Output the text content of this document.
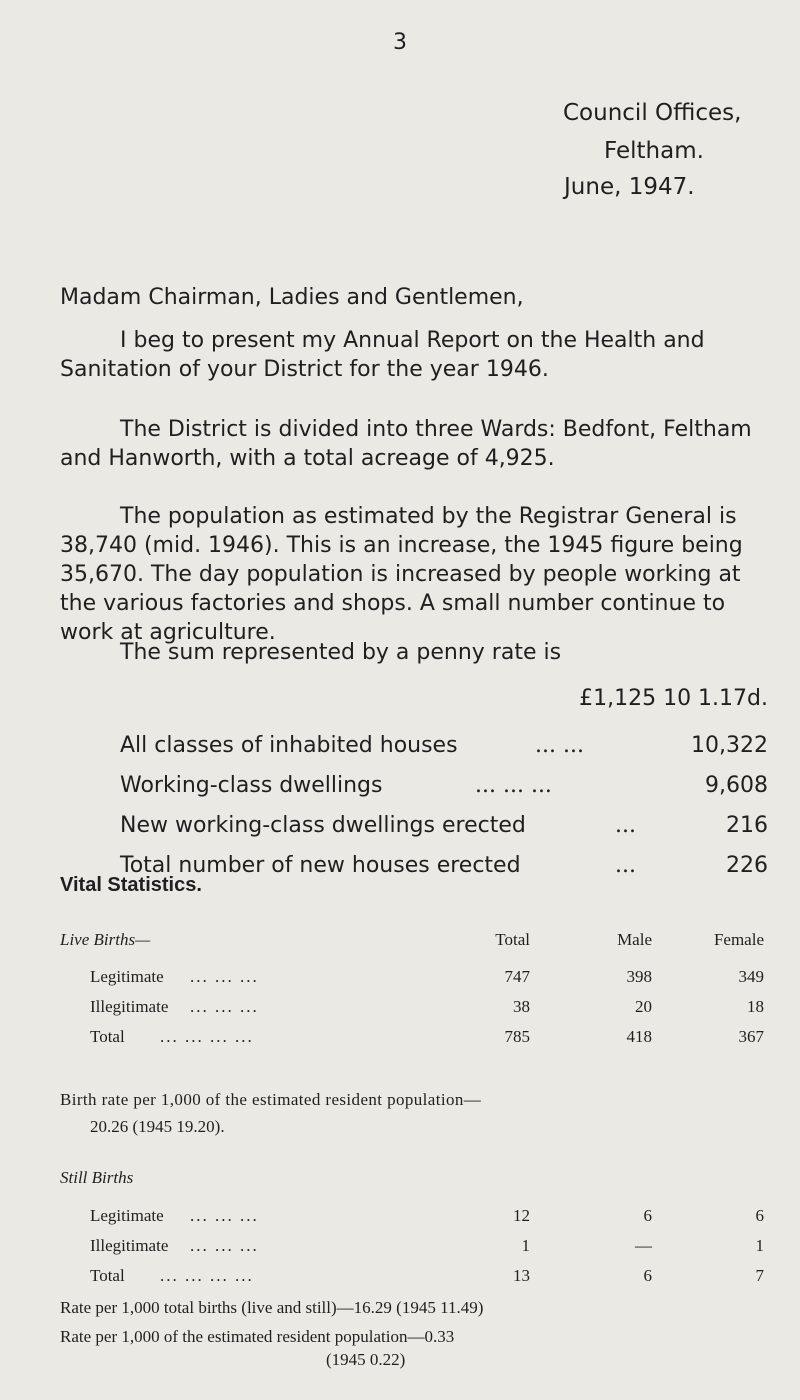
3
Council Offices,
Feltham.
June, 1947.
Madam Chairman, Ladies and Gentlemen,
I beg to present my Annual Report on the Health and Sanitation of your District for the year 1946.
The District is divided into three Wards: Bedfont, Feltham and Hanworth, with a total acreage of 4,925.
The population as estimated by the Registrar General is 38,740 (mid. 1946). This is an increase, the 1945 figure being 35,670. The day population is increased by people working at the various factories and shops. A small number continue to work at agriculture.
The sum represented by a penny rate is
£1,125 10 1.17d.
All classes of inhabited houses	... ...	10,322
Working-class dwellings	... ... ...	9,608
New working-class dwellings erected	...	216
Total number of new houses erected	...	226
Vital Statistics.
Live Births—	Total	Male	Female
Legitimate ... ... ...	747	398	349
Illegitimate ... ... ...	38	20	18
Total ... ... ... ...	785	418	367
Birth rate per 1,000 of the estimated resident population—
20.26 (1945 19.20).
Still Births
Legitimate ... ... ...	12	6	6
Illegitimate ... ... ...	1	—	1
Total ... ... ... ...	13	6	7
Rate per 1,000 total births (live and still)—16.29 (1945 11.49)
Rate per 1,000 of the estimated resident population—0.33
(1945 0.22)
